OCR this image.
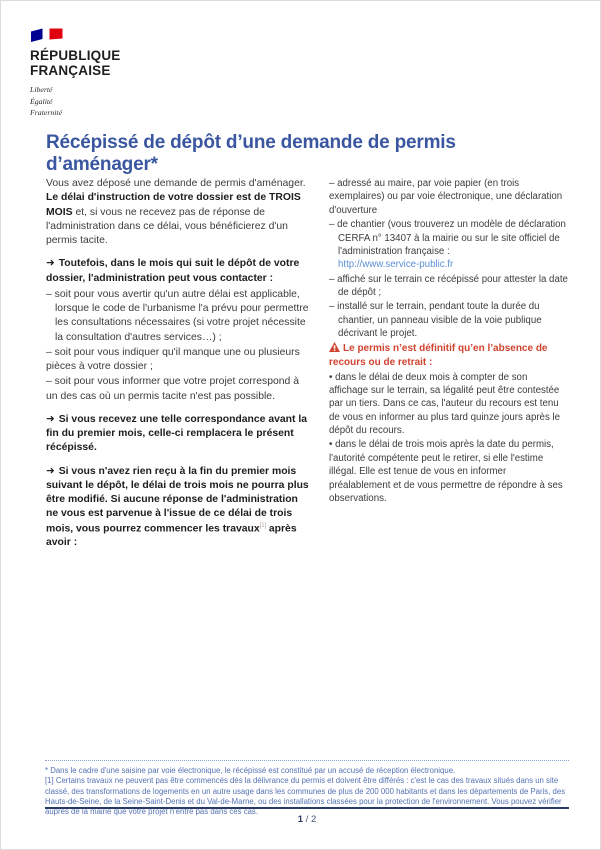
RÉPUBLIQUE
FRANÇAISE
Liberté
Égalité
Fraternité
Récépissé de dépôt d’une demande de permis d’aménager*

Vous avez déposé une demande de permis d'aménager. Le délai d'instruction de votre dossier est de TROIS MOIS et, si vous ne recevez pas de réponse de l'administration dans ce délai, vous bénéficierez d'un permis tacite.

➜ Toutefois, dans le mois qui suit le dépôt de votre dossier, l'administration peut vous contacter :

– soit pour vous avertir qu'un autre délai est applicable, lorsque le code de l'urbanisme l'a prévu pour permettre les consultations nécessaires (si votre projet nécessite la consultation d'autres services…) ;

– soit pour vous indiquer qu'il manque une ou plusieurs pièces à votre dossier ;

– soit pour vous informer que votre projet correspond à un des cas où un permis tacite n'est pas possible.

➜ Si vous recevez une telle correspondance avant la fin du premier mois, celle-ci remplacera le présent récépissé.

➜ Si vous n'avez rien reçu à la fin du premier mois suivant le dépôt, le délai de trois mois ne pourra plus être modifié. Si aucune réponse de l'administration ne vous est parvenue à l'issue de ce délai de trois mois, vous pourrez commencer les travaux[1] après avoir :

– adressé au maire, par voie papier (en trois exemplaires) ou par voie électronique, une déclaration d'ouverture

– de chantier (vous trouverez un modèle de déclaration CERFA n° 13407 à la mairie ou sur le site officiel de l'administration française :
http://www.service-public.fr

– affiché sur le terrain ce récépissé pour attester la date de dépôt ;

– installé sur le terrain, pendant toute la durée du chantier, un panneau visible de la voie publique décrivant le projet.

Le permis n’est définitif qu’en l’absence de recours ou de retrait :

• dans le délai de deux mois à compter de son affichage sur le terrain, sa légalité peut être contestée par un tiers. Dans ce cas, l'auteur du recours est tenu de vous en informer au plus tard quinze jours après le dépôt du recours.

• dans le délai de trois mois après la date du permis, l'autorité compétente peut le retirer, si elle l'estime illégal. Elle est tenue de vous en informer préalablement et de vous permettre de répondre à ses observations.

* Dans le cadre d'une saisine par voie électronique, le récépissé est constitué par un accusé de réception électronique.

[1] Certains travaux ne peuvent pas être commencés dès la délivrance du permis et doivent être différés : c'est le cas des travaux situés dans un site classé, des transformations de logements en un autre usage dans les communes de plus de 200 000 habitants et dans les départements de Paris, des Hauts-de-Seine, de la Seine-Saint-Denis et du Val-de-Marne, ou des installations classées pour la protection de l'environnement. Vous pouvez vérifier auprès de la mairie que votre projet n'entre pas dans ces cas.

1 / 2
